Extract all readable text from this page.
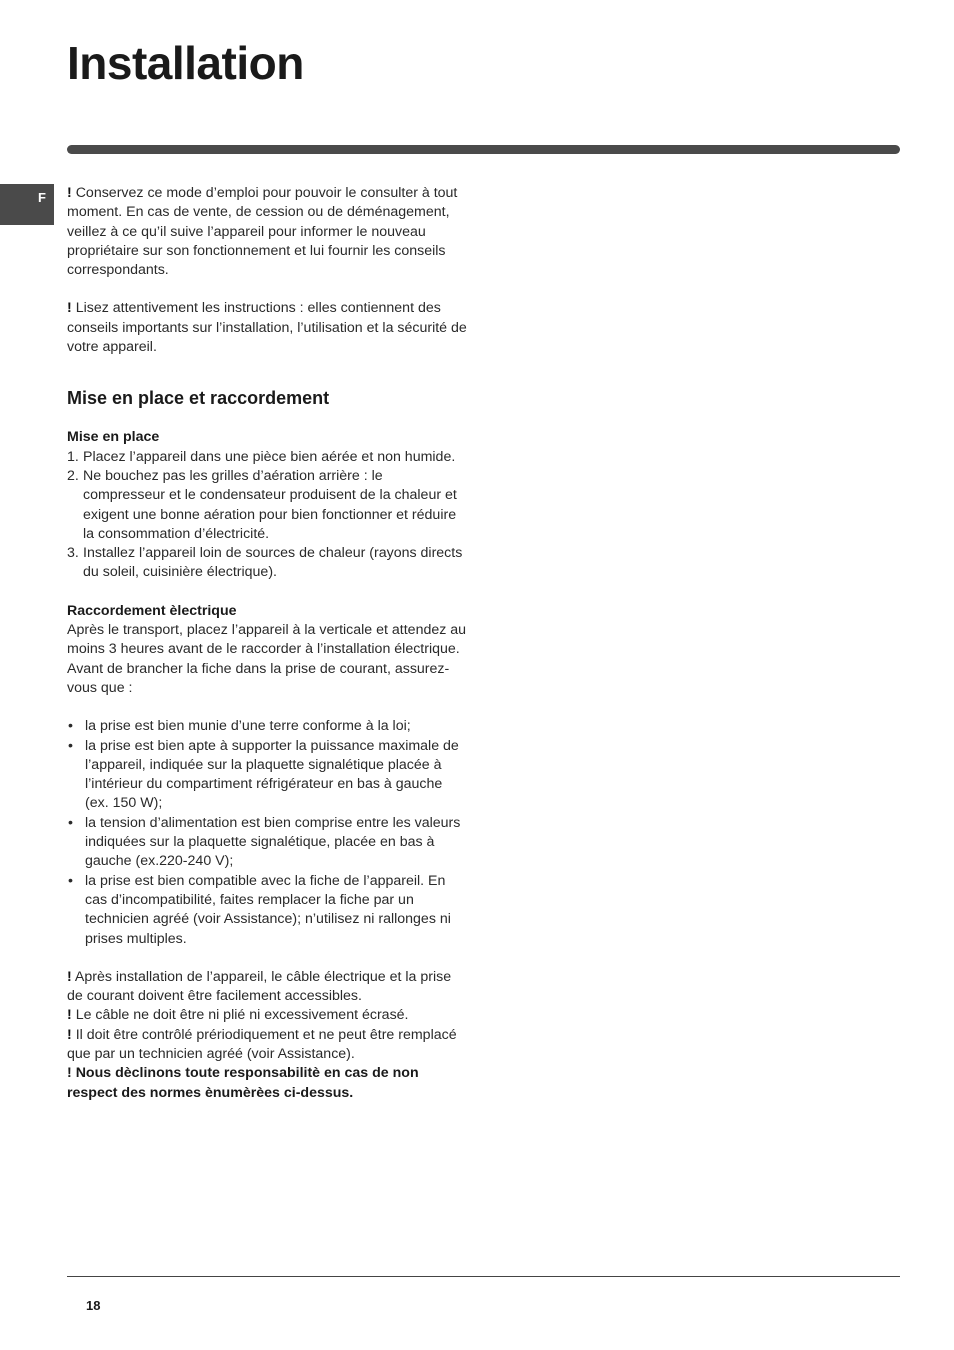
Installation
F	! Conservez ce mode d’emploi pour pouvoir le consulter à tout moment. En cas de vente, de cession ou de déménagement, veillez à ce qu’il suive l’appareil pour informer le nouveau propriétaire sur son fonctionnement et lui fournir les conseils correspondants.

! Lisez attentivement les instructions : elles contiennent des conseils importants sur l’installation, l’utilisation et la sécurité de votre appareil.

Mise en place et raccordement

Mise en place

1. Placez l’appareil dans une pièce bien aérée et non humide.
2. Ne bouchez pas les grilles d’aération arrière : le compresseur et le condensateur produisent de la chaleur et exigent une bonne aération pour bien fonctionner et réduire la consommation d’électricité.
3. Installez l’appareil loin de sources de chaleur (rayons directs du soleil, cuisinière électrique).

Raccordement èlectrique

Après le transport, placez l’appareil à la verticale et attendez au moins 3 heures avant de le raccorder à l’installation électrique. Avant de brancher la fiche dans la prise de courant, assurez-vous que :

• la prise est bien munie d’une terre conforme à la loi;
• la prise est bien apte à supporter la puissance maximale de l’appareil, indiquée sur la plaquette signalétique placée à l’intérieur du compartiment réfrigérateur en bas à gauche (ex. 150 W);
• la tension d’alimentation est bien comprise entre les valeurs indiquées sur la plaquette signalétique, placée en bas à gauche (ex.220-240 V);
• la prise est bien compatible avec la fiche de l’appareil. En cas d’incompatibilité, faites remplacer la fiche par un technicien agréé (voir Assistance); n’utilisez ni rallonges ni prises multiples.

! Après installation de l’appareil, le câble électrique et la prise de courant doivent être facilement accessibles.

! Le câble ne doit être ni plié ni excessivement écrasé.

! Il doit être contrôlé prériodiquement et ne peut être remplacé que par un technicien agréé (voir Assistance).

! Nous dèclinons toute responsabilitè en cas de non respect des normes ènumèrèes ci-dessus.

18
